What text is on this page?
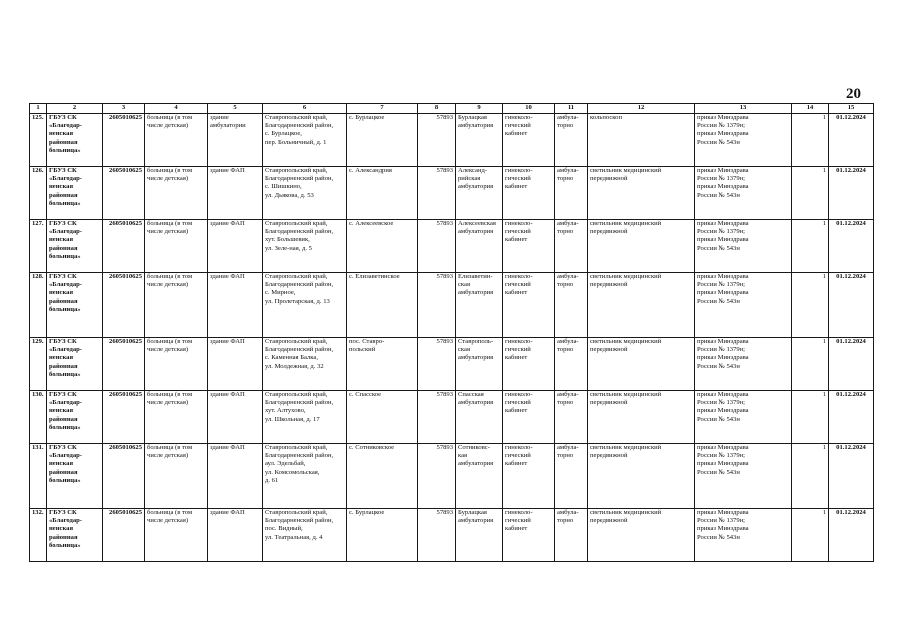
20
1	2	3	4	5	6	7	8	9	10	11	12	13	14	15
125.	ГБУЗ СК
«Благодар-
ненская
районная
больница»	2605010625	больница (в том
числе детская)	здание
амбулатории	Ставропольский край,
Благодарненский район,
с. Бурлацкое,
пер. Больничный, д. 1	с. Бурлацкое	57893	Бурлацкая
амбулатория	гинеколо-
гический
кабинет	амбула-
торно	кольпоскоп	приказ Минздрава
России № 1379н;
приказ Минздрава
России № 543н	1	01.12.2024
126.	ГБУЗ СК
«Благодар-
ненская
районная
больница»	2605010625	больница (в том
числе детская)	здание ФАП	Ставропольский край,
Благодарненский район,
с. Шишкино,
ул. Дьякова, д. 53	с. Александрия	57893	Александ-
рийская
амбулатория	гинеколо-
гический
кабинет	амбула-
торно	светильник медицинский
передвижной	приказ Минздрава
России № 1379н;
приказ Минздрава
России № 543н	1	01.12.2024
127.	ГБУЗ СК
«Благодар-
ненская
районная
больница»	2605010625	больница (в том
числе детская)	здание ФАП	Ставропольский край,
Благодарненский район,
хут. Большевик,
ул. Зеле-ная, д. 5	с. Алексеевское	57893	Алексеевская
амбулатория	гинеколо-
гический
кабинет	амбула-
торно	светильник медицинский
передвижной	приказ Минздрава
России № 1379н;
приказ Минздрава
России № 543н	1	01.12.2024
128.	ГБУЗ СК
«Благодар-
ненская
районная
больница»	2605010625	больница (в том
числе детская)	здание ФАП	Ставропольский край,
Благодарненский район,
с. Мирное,
ул. Пролетарская, д. 13	с. Елизаветинское	57893	Елизаветин-
ская
амбулатория	гинеколо-
гический
кабинет	амбула-
торно	светильник медицинский
передвижной	приказ Минздрава
России № 1379н;
приказ Минздрава
России № 543н	1	01.12.2024
129.	ГБУЗ СК
«Благодар-
ненская
районная
больница»	2605010625	больница (в том
числе детская)	здание ФАП	Ставропольский край,
Благодарненский район,
с. Каменная Балка,
ул. Молдежная, д. 32	пос. Ставро-
польский	57893	Ставрополь-
ская
амбулатория	гинеколо-
гический
кабинет	амбула-
торно	светильник медицинский
передвижной	приказ Минздрава
России № 1379н;
приказ Минздрава
России № 543н	1	01.12.2024
130.	ГБУЗ СК
«Благодар-
ненская
районная
больница»	2605010625	больница (в том
числе детская)	здание ФАП	Ставропольский край,
Благодарненский район,
хут. Алтухово,
ул. Школьная, д. 17	с. Спасское	57893	Спасская
амбулатория	гинеколо-
гический
кабинет	амбула-
торно	светильник медицинский
передвижной	приказ Минздрава
России № 1379н;
приказ Минздрава
России № 543н	1	01.12.2024
131.	ГБУЗ СК
«Благодар-
ненская
районная
больница»	2605010625	больница (в том
числе детская)	здание ФАП	Ставропольский край,
Благодарненский район,
аул. Эдельбай,
ул. Комсомольская,
д. 61	с. Сотниковское	57893	Сотниковс-
кая
амбулатория	гинеколо-
гический
кабинет	амбула-
торно	светильник медицинский
передвижной	приказ Минздрава
России № 1379н;
приказ Минздрава
России № 543н	1	01.12.2024
132.	ГБУЗ СК
«Благодар-
ненская
районная
больница»	2605010625	больница (в том
числе детская)	здание ФАП	Ставропольский край,
Благодарненский район,
пос. Видный,
ул. Театральная, д. 4	с. Бурлацкое	57893	Бурлацкая
амбулатория	гинеколо-
гический
кабинет	амбула-
торно	светильник медицинский
передвижной	приказ Минздрава
России № 1379н;
приказ Минздрава
России № 543н	1	01.12.2024
